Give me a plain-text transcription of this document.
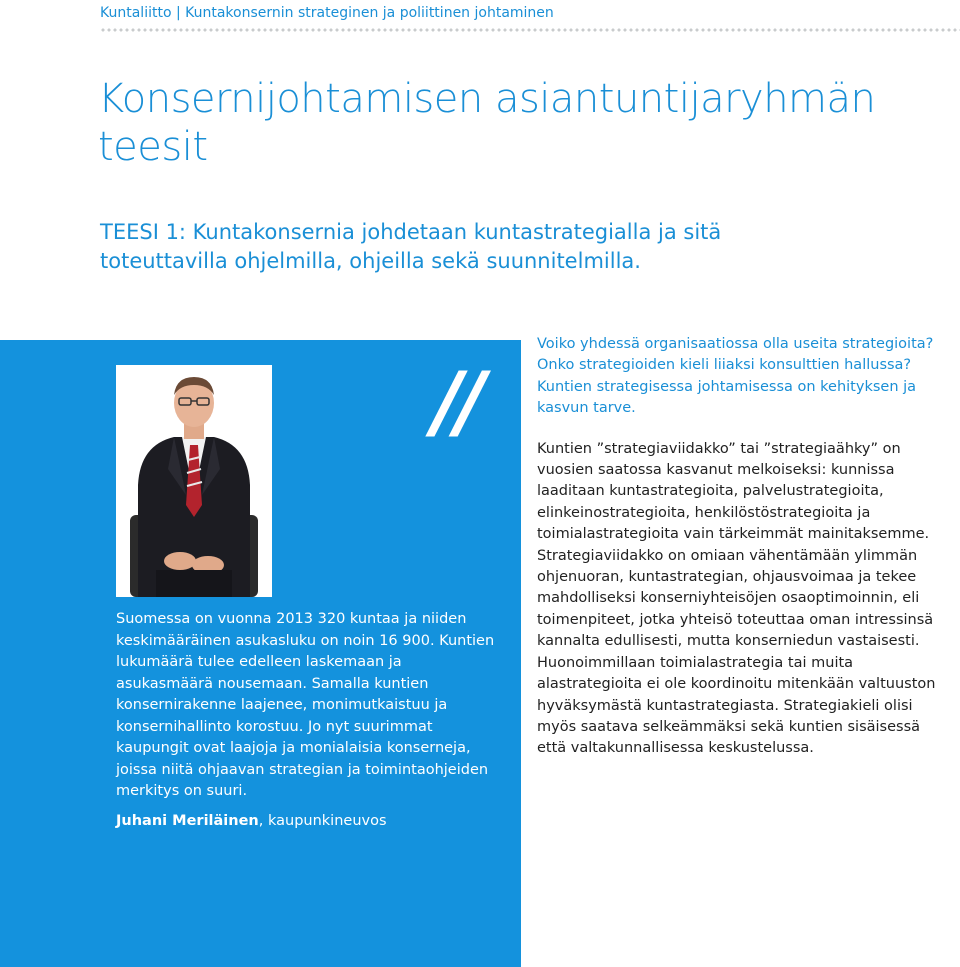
Kuntaliitto | Kuntakonsernin strateginen ja poliittinen johtaminen
Konsernijohtamisen asiantuntijaryhmän teesit

TEESI 1: Kuntakonsernia johdetaan kuntastrategialla ja sitä toteuttavilla ohjelmilla, ohjeilla sekä suunnitelmilla.

//

Suomessa on vuonna 2013 320 kuntaa ja niiden keskimääräinen asukasluku on noin 16 900. Kuntien lukumäärä tulee edelleen laskemaan ja asukasmäärä nousemaan. Samalla kuntien konsernirakenne laajenee, monimutkaistuu ja konsernihallinto korostuu. Jo nyt suurimmat kaupungit ovat laajoja ja monialaisia konserneja, joissa niitä ohjaavan strategian ja toimintaohjeiden merkitys on suuri.

Juhani Meriläinen, kaupunkineuvos

Voiko yhdessä organisaatiossa olla useita strategioita? Onko strategioiden kieli liiaksi konsulttien hallussa? Kuntien strategisessa johtamisessa on kehityksen ja kasvun tarve.

Kuntien ”strategiaviidakko” tai ”strategiaähky” on vuosien saatossa kasvanut melkoiseksi: kunnissa laaditaan kuntastrategioita, palvelustrategioita, elinkeinostrategioita, henkilöstöstrategioita ja toimialastrategioita vain tärkeimmät mainitaksemme. Strategiaviidakko on omiaan vähentämään ylimmän ohjenuoran, kuntastrategian, ohjausvoimaa ja tekee mahdolliseksi konserniyhteisöjen osaoptimoinnin, eli toimenpiteet, jotka yhteisö toteuttaa oman intressinsä kannalta edullisesti, mutta konserniedun vastaisesti. Huonoimmillaan toimialastrategia tai muita alastrategioita ei ole koordinoitu mitenkään valtuuston hyväksymästä kuntastrategiasta. Strategiakieli olisi myös saatava selkeämmäksi sekä kuntien sisäisessä että valtakunnallisessa keskustelussa.
